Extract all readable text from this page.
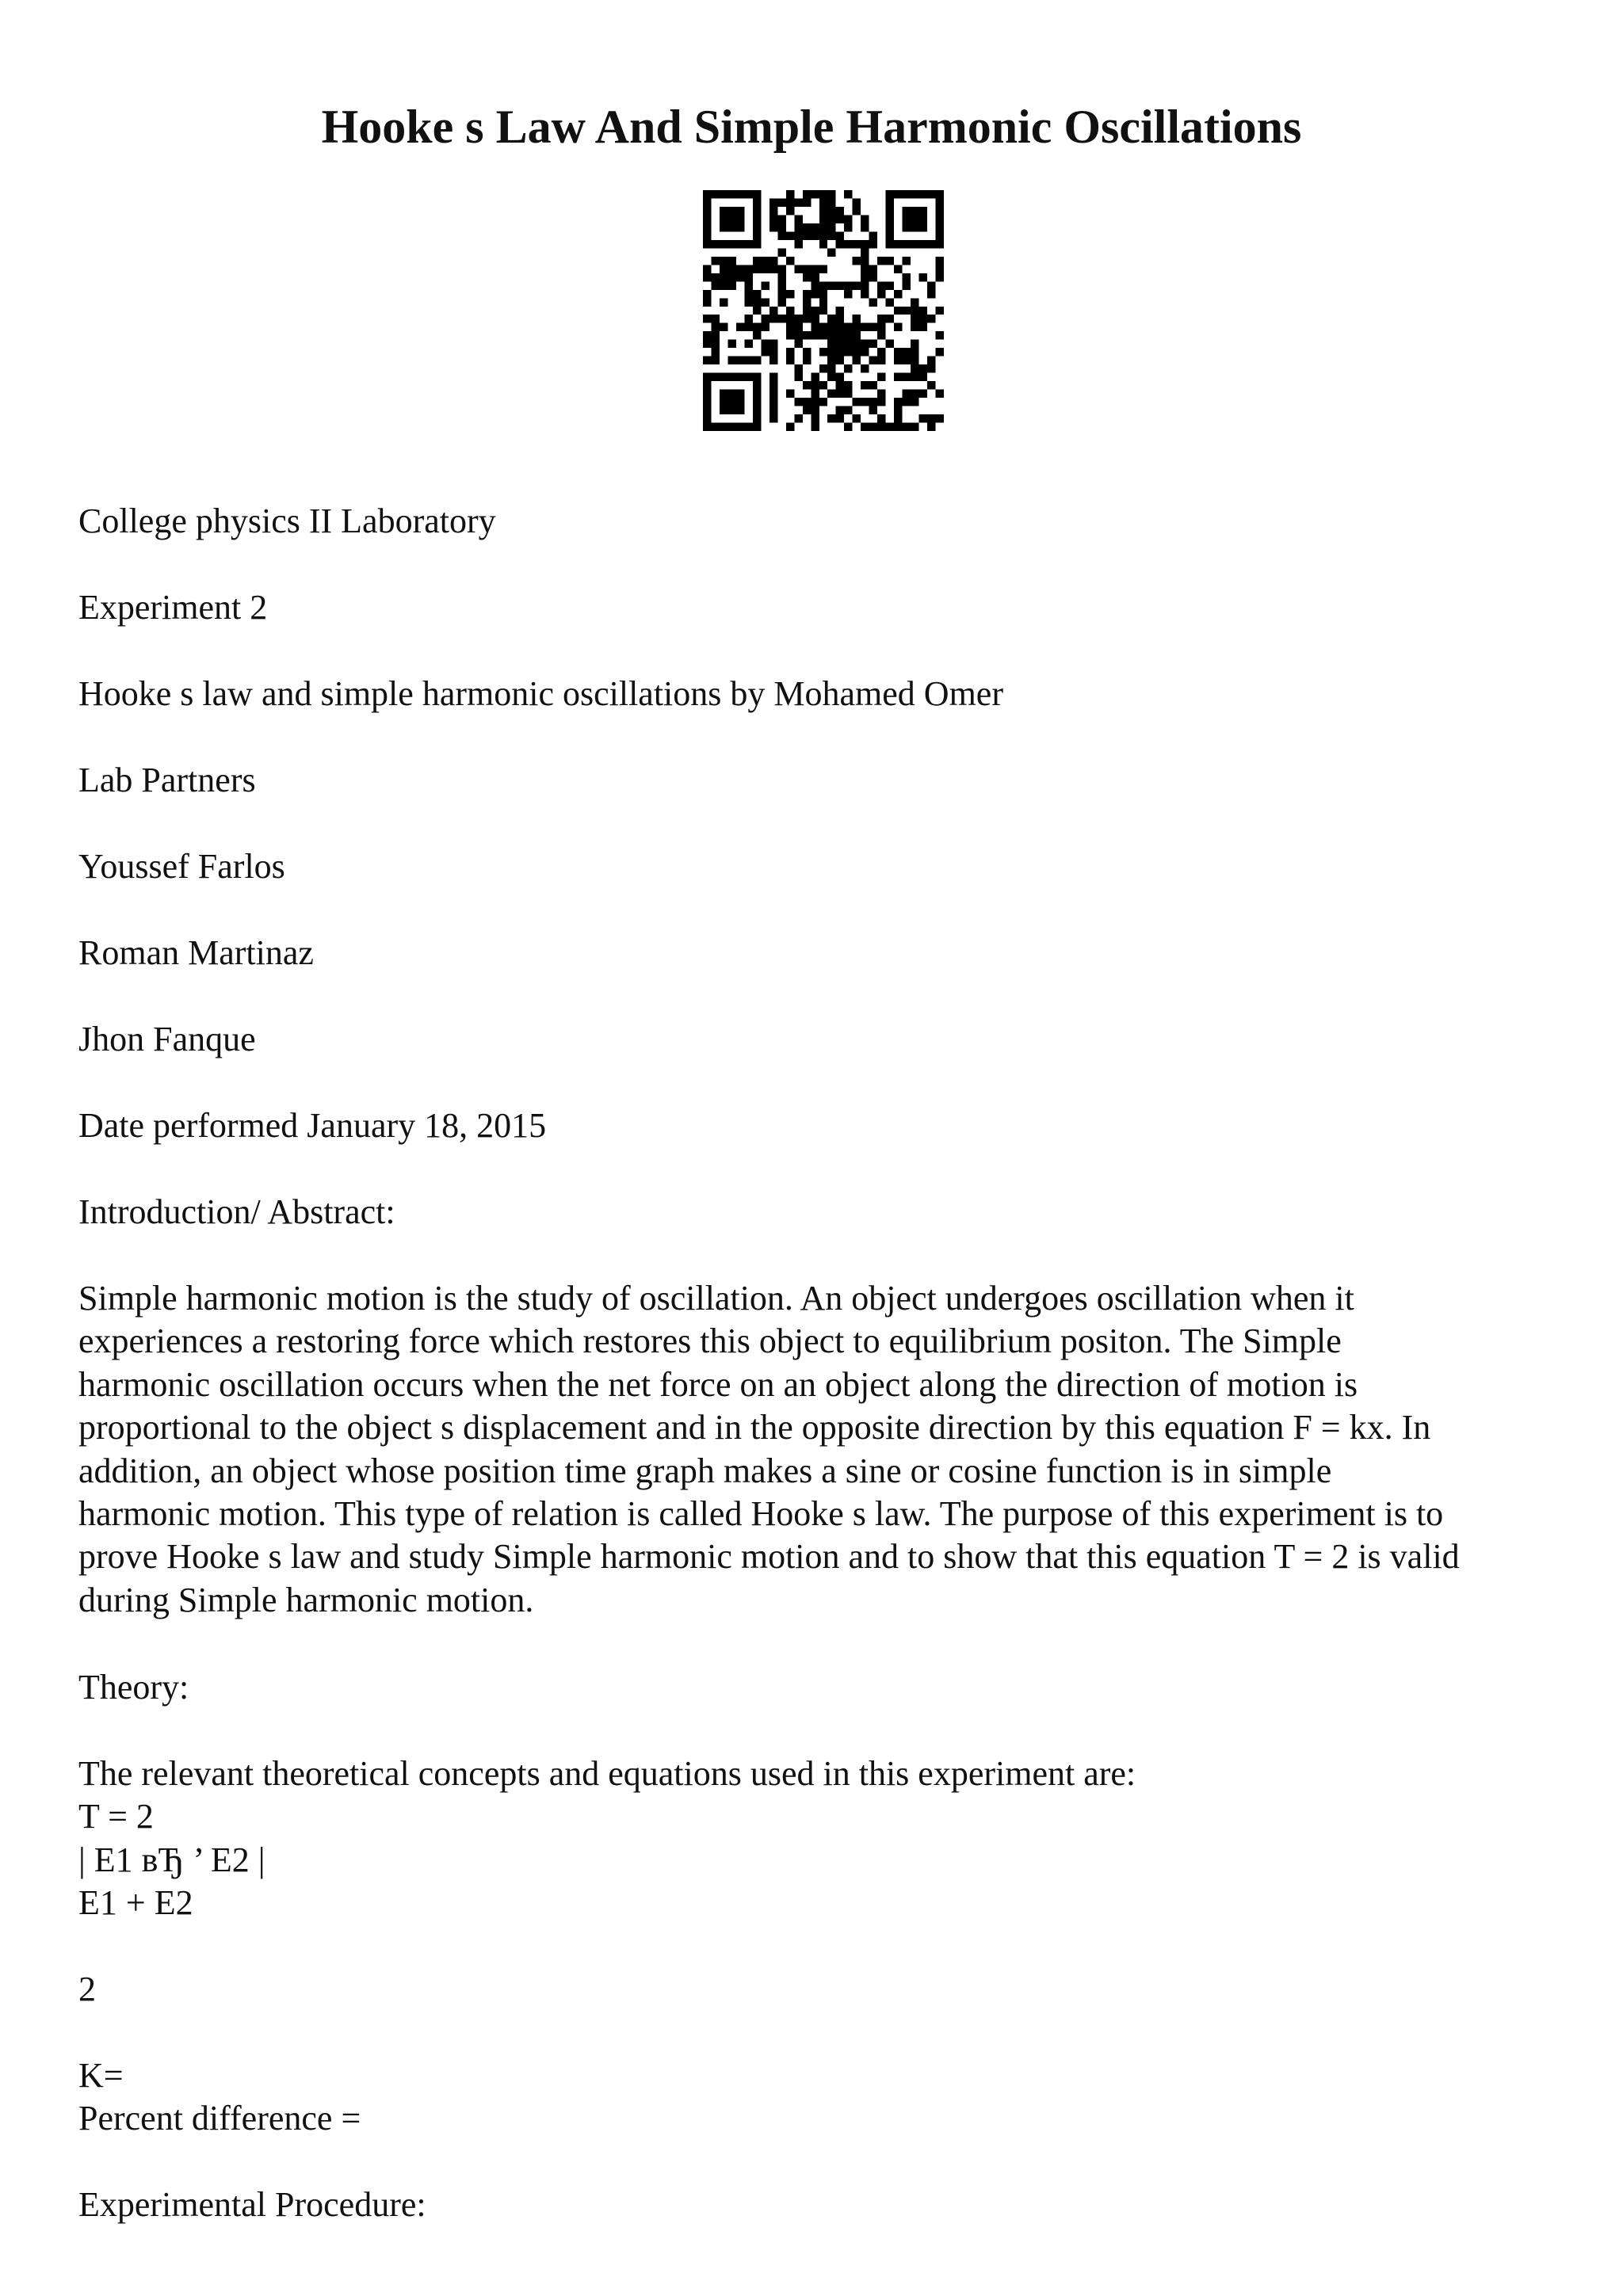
Hooke s Law And Simple Harmonic Oscillations

College physics II Laboratory

Experiment 2

Hooke s law and simple harmonic oscillations by Mohamed Omer

Lab Partners

Youssef Farlos

Roman Martinaz

Jhon Fanque

Date performed January 18, 2015

Introduction/ Abstract:

Simple harmonic motion is the study of oscillation. An object undergoes oscillation when it
experiences a restoring force which restores this object to equilibrium positon. The Simple
harmonic oscillation occurs when the net force on an object along the direction of motion is
proportional to the object s displacement and in the opposite direction by this equation F = kx. In
addition, an object whose position time graph makes a sine or cosine function is in simple
harmonic motion. This type of relation is called Hooke s law. The purpose of this experiment is to
prove Hooke s law and study Simple harmonic motion and to show that this equation T = 2 is valid
during Simple harmonic motion.

Theory:

The relevant theoretical concepts and equations used in this experiment are:

T = 2

| E1 вЂ ’ E2 |

E1 + E2

2

K=

Percent difference =

Experimental Procedure:
